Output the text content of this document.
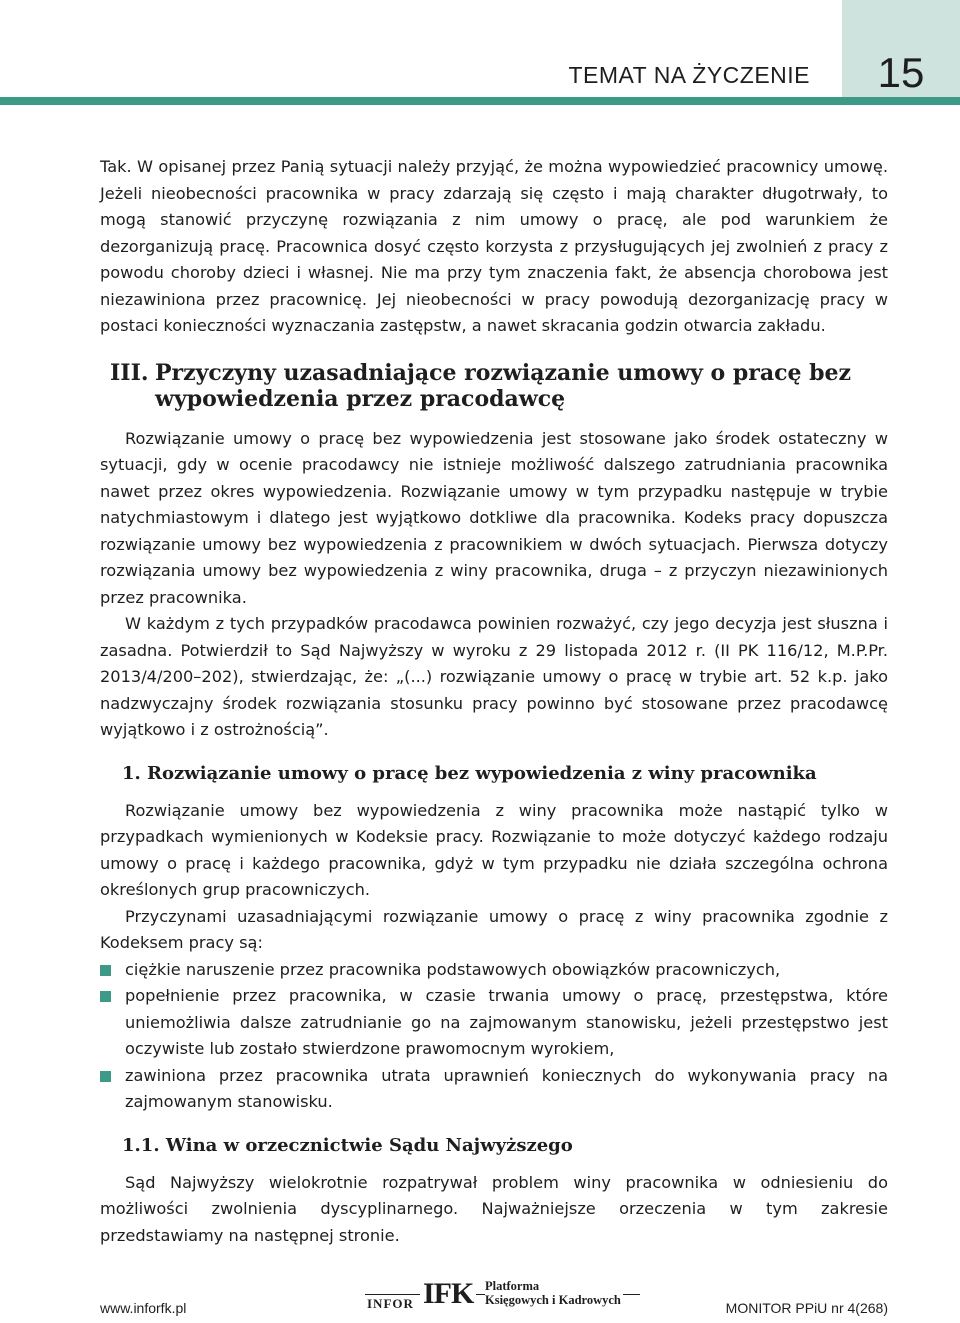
15
TEMAT NA ŻYCZENIE

Tak. W opisanej przez Panią sytuacji należy przyjąć, że można wypowiedzieć pracownicy umowę. Jeżeli nieobecności pracownika w pracy zdarzają się często i mają charakter długotrwały, to mogą stanowić przyczynę rozwiązania z nim umowy o pracę, ale pod warunkiem że dezorganizują pracę. Pracownica dosyć często korzysta z przysługujących jej zwolnień z pracy z powodu choroby dzieci i własnej. Nie ma przy tym znaczenia fakt, że absencja chorobowa jest niezawiniona przez pracownicę. Jej nieobecności w pracy powodują dezorganizację pracy w postaci konieczności wyznaczania zastępstw, a nawet skracania godzin otwarcia zakładu.

III. Przyczyny uzasadniające rozwiązanie umowy o pracę bez wypowiedzenia przez pracodawcę

Rozwiązanie umowy o pracę bez wypowiedzenia jest stosowane jako środek ostateczny w sytuacji, gdy w ocenie pracodawcy nie istnieje możliwość dalszego zatrudniania pracownika nawet przez okres wypowiedzenia. Rozwiązanie umowy w tym przypadku następuje w trybie natychmiastowym i dlatego jest wyjątkowo dotkliwe dla pracownika. Kodeks pracy dopuszcza rozwiązanie umowy bez wypowiedzenia z pracownikiem w dwóch sytuacjach. Pierwsza dotyczy rozwiązania umowy bez wypowiedzenia z winy pracownika, druga – z przyczyn niezawinionych przez pracownika.

W każdym z tych przypadków pracodawca powinien rozważyć, czy jego decyzja jest słuszna i zasadna. Potwierdził to Sąd Najwyższy w wyroku z 29 listopada 2012 r. (II PK 116/12, M.P.Pr. 2013/4/200–202), stwierdzając, że: „(...) rozwiązanie umowy o pracę w trybie art. 52 k.p. jako nadzwyczajny środek rozwiązania stosunku pracy powinno być stosowane przez pracodawcę wyjątkowo i z ostrożnością”.

1. Rozwiązanie umowy o pracę bez wypowiedzenia z winy pracownika

Rozwiązanie umowy bez wypowiedzenia z winy pracownika może nastąpić tylko w przypadkach wymienionych w Kodeksie pracy. Rozwiązanie to może dotyczyć każdego rodzaju umowy o pracę i każdego pracownika, gdyż w tym przypadku nie działa szczególna ochrona określonych grup pracowniczych.

Przyczynami uzasadniającymi rozwiązanie umowy o pracę z winy pracownika zgodnie z Kodeksem pracy są:

ciężkie naruszenie przez pracownika podstawowych obowiązków pracowniczych,
popełnienie przez pracownika, w czasie trwania umowy o pracę, przestępstwa, które uniemożliwia dalsze zatrudnianie go na zajmowanym stanowisku, jeżeli przestępstwo jest oczywiste lub zostało stwierdzone prawomocnym wyrokiem,
zawiniona przez pracownika utrata uprawnień koniecznych do wykonywania pracy na zajmowanym stanowisku.
1.1. Wina w orzecznictwie Sądu Najwyższego

Sąd Najwyższy wielokrotnie rozpatrywał problem winy pracownika w odniesieniu do możliwości zwolnienia dyscyplinarnego. Najważniejsze orzeczenia w tym zakresie przedstawiamy na następnej stronie.

www.inforfk.pl	INFOR IFK Platforma
Księgowych i Kadrowych	MONITOR PPiU nr 4(268)
